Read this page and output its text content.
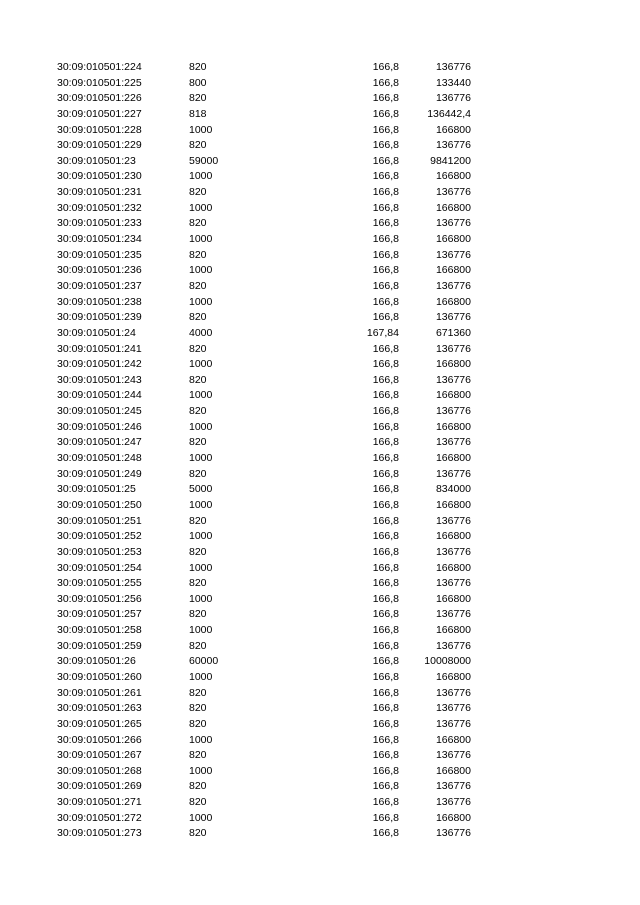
30:09:010501:224	820	166,8	136776
30:09:010501:225	800	166,8	133440
30:09:010501:226	820	166,8	136776
30:09:010501:227	818	166,8	136442,4
30:09:010501:228	1000	166,8	166800
30:09:010501:229	820	166,8	136776
30:09:010501:23	59000	166,8	9841200
30:09:010501:230	1000	166,8	166800
30:09:010501:231	820	166,8	136776
30:09:010501:232	1000	166,8	166800
30:09:010501:233	820	166,8	136776
30:09:010501:234	1000	166,8	166800
30:09:010501:235	820	166,8	136776
30:09:010501:236	1000	166,8	166800
30:09:010501:237	820	166,8	136776
30:09:010501:238	1000	166,8	166800
30:09:010501:239	820	166,8	136776
30:09:010501:24	4000	167,84	671360
30:09:010501:241	820	166,8	136776
30:09:010501:242	1000	166,8	166800
30:09:010501:243	820	166,8	136776
30:09:010501:244	1000	166,8	166800
30:09:010501:245	820	166,8	136776
30:09:010501:246	1000	166,8	166800
30:09:010501:247	820	166,8	136776
30:09:010501:248	1000	166,8	166800
30:09:010501:249	820	166,8	136776
30:09:010501:25	5000	166,8	834000
30:09:010501:250	1000	166,8	166800
30:09:010501:251	820	166,8	136776
30:09:010501:252	1000	166,8	166800
30:09:010501:253	820	166,8	136776
30:09:010501:254	1000	166,8	166800
30:09:010501:255	820	166,8	136776
30:09:010501:256	1000	166,8	166800
30:09:010501:257	820	166,8	136776
30:09:010501:258	1000	166,8	166800
30:09:010501:259	820	166,8	136776
30:09:010501:26	60000	166,8 10008000
30:09:010501:260	1000	166,8	166800
30:09:010501:261	820	166,8	136776
30:09:010501:263	820	166,8	136776
30:09:010501:265	820	166,8	136776
30:09:010501:266	1000	166,8	166800
30:09:010501:267	820	166,8	136776
30:09:010501:268	1000	166,8	166800
30:09:010501:269	820	166,8	136776
30:09:010501:271	820	166,8	136776
30:09:010501:272	1000	166,8	166800
30:09:010501:273	820	166,8	136776
